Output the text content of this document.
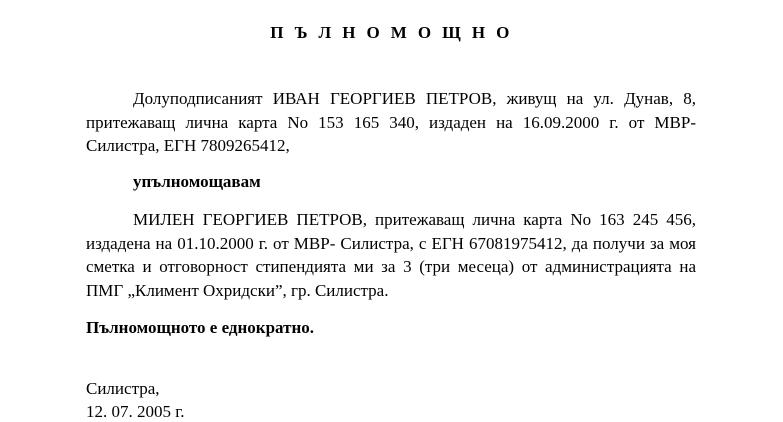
П Ъ Л Н О М О Щ Н О

Долуподписаният ИВАН ГЕОРГИЕВ ПЕТРОВ, живущ на ул. Дунав, 8, притежаващ лична карта No 153 165 340, издаден на 16.09.2000 г. от МВР- Силистра, ЕГН 7809265412,

упълномощавам

МИЛЕН ГЕОРГИЕВ ПЕТРОВ, притежаващ лична карта No 163 245 456, издадена на 01.10.2000 г. от МВР- Силистра, с ЕГН 67081975412, да получи за моя сметка и отговорност стипендията ми за 3 (три месеца) от администрацията на ПМГ „Климент Охридски”, гр. Силистра.

Пълномощното е еднократно.
Силистра,
12. 07. 2005 г.
